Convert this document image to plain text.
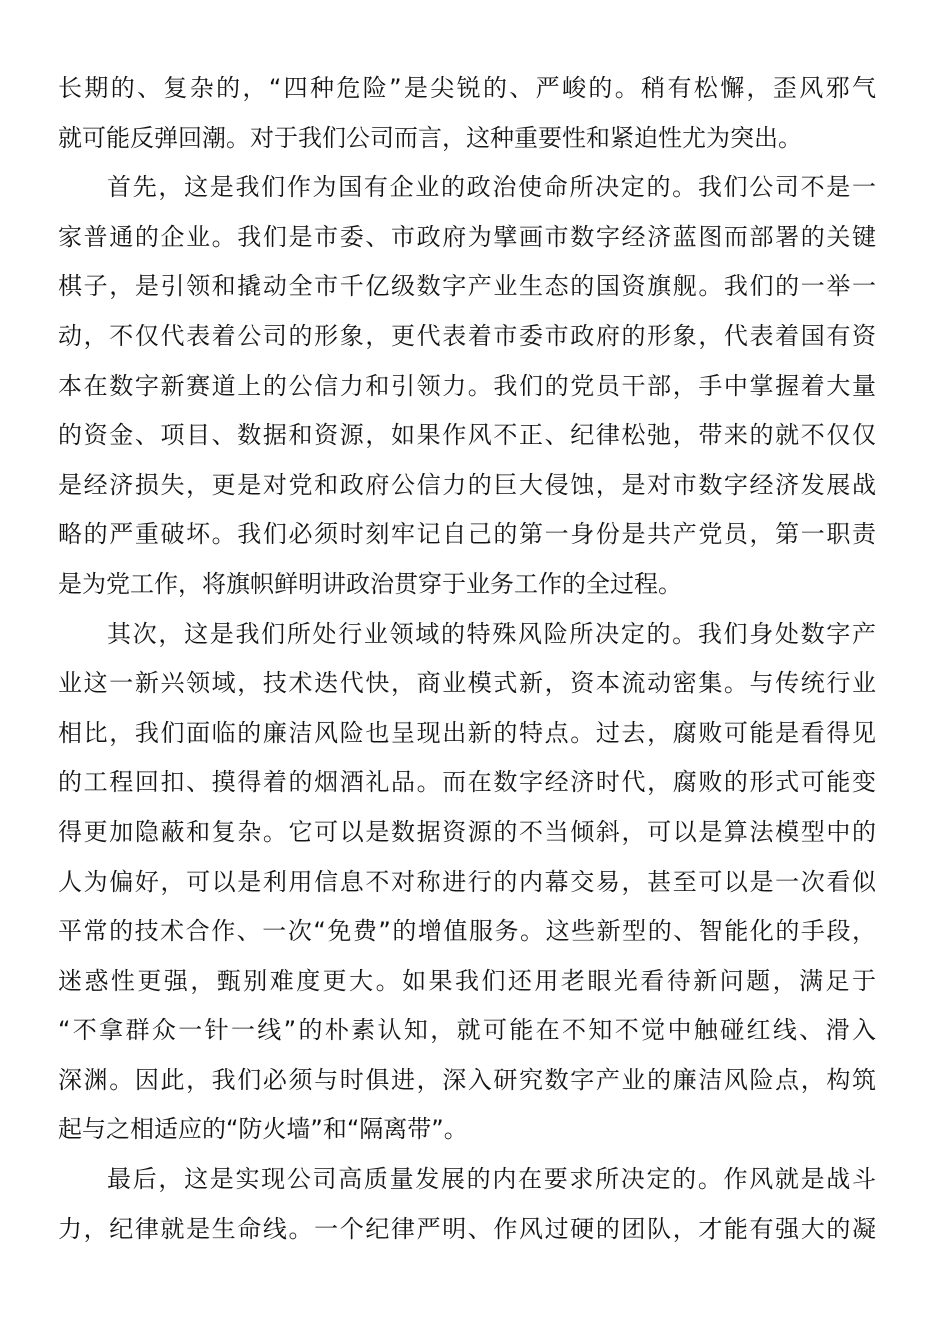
长期的、复杂的，“四种危险”是尖锐的、严峻的。稍有松懈，歪风邪气
就可能反弹回潮。对于我们公司而言，这种重要性和紧迫性尤为突出。
首先，这是我们作为国有企业的政治使命所决定的。我们公司不是一
家普通的企业。我们是市委、市政府为擘画市数字经济蓝图而部署的关键
棋子，是引领和撬动全市千亿级数字产业生态的国资旗舰。我们的一举一
动，不仅代表着公司的形象，更代表着市委市政府的形象，代表着国有资
本在数字新赛道上的公信力和引领力。我们的党员干部，手中掌握着大量
的资金、项目、数据和资源，如果作风不正、纪律松弛，带来的就不仅仅
是经济损失，更是对党和政府公信力的巨大侵蚀，是对市数字经济发展战
略的严重破坏。我们必须时刻牢记自己的第一身份是共产党员，第一职责
是为党工作，将旗帜鲜明讲政治贯穿于业务工作的全过程。
其次，这是我们所处行业领域的特殊风险所决定的。我们身处数字产
业这一新兴领域，技术迭代快，商业模式新，资本流动密集。与传统行业
相比，我们面临的廉洁风险也呈现出新的特点。过去，腐败可能是看得见
的工程回扣、摸得着的烟酒礼品。而在数字经济时代，腐败的形式可能变
得更加隐蔽和复杂。它可以是数据资源的不当倾斜，可以是算法模型中的
人为偏好，可以是利用信息不对称进行的内幕交易，甚至可以是一次看似
平常的技术合作、一次“免费”的增值服务。这些新型的、智能化的手段，
迷惑性更强，甄别难度更大。如果我们还用老眼光看待新问题，满足于
“不拿群众一针一线”的朴素认知，就可能在不知不觉中触碰红线、滑入
深渊。因此，我们必须与时俱进，深入研究数字产业的廉洁风险点，构筑
起与之相适应的“防火墙”和“隔离带”。
最后，这是实现公司高质量发展的内在要求所决定的。作风就是战斗
力，纪律就是生命线。一个纪律严明、作风过硬的团队，才能有强大的凝
